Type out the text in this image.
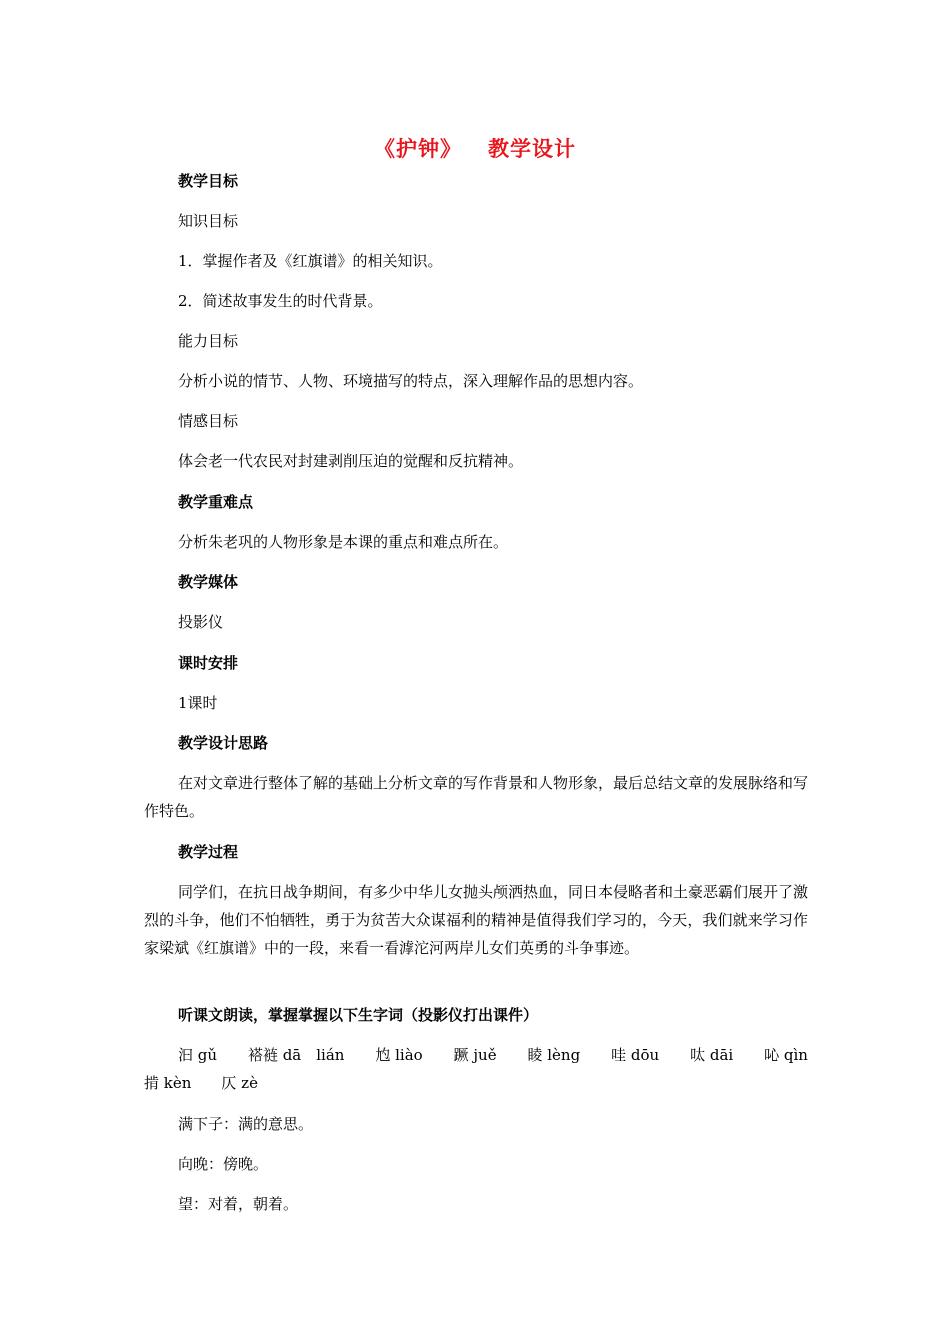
《护钟》 教学设计
教学目标
知识目标
1．掌握作者及《红旗谱》的相关知识。
2．简述故事发生的时代背景。
能力目标
分析小说的情节、人物、环境描写的特点，深入理解作品的思想内容。
情感目标
体会老一代农民对封建剥削压迫的觉醒和反抗精神。
教学重难点
分析朱老巩的人物形象是本课的重点和难点所在。
教学媒体
投影仪
课时安排
1课时
教学设计思路
在对文章进行整体了解的基础上分析文章的写作背景和人物形象，最后总结文章的发展脉络和写作特色。
教学过程
同学们，在抗日战争期间，有多少中华儿女抛头颅洒热血，同日本侵略者和土豪恶霸们展开了激烈的斗争，他们不怕牺牲，勇于为贫苦大众谋福利的精神是值得我们学习的，今天，我们就来学习作家梁斌《红旗谱》中的一段，来看一看滹沱河两岸儿女们英勇的斗争事迹。
听课文朗读，掌握掌握以下生字词（投影仪打出课件）
汩 gǔ 褡裢 dā　lián 尥 liào 蹶 juě 睖 lèng 哇 dōu 呔 dāi 吣 qìn
掯 kèn 仄 zè
满下子：满的意思。
向晚：傍晚。
望：对着，朝着。
